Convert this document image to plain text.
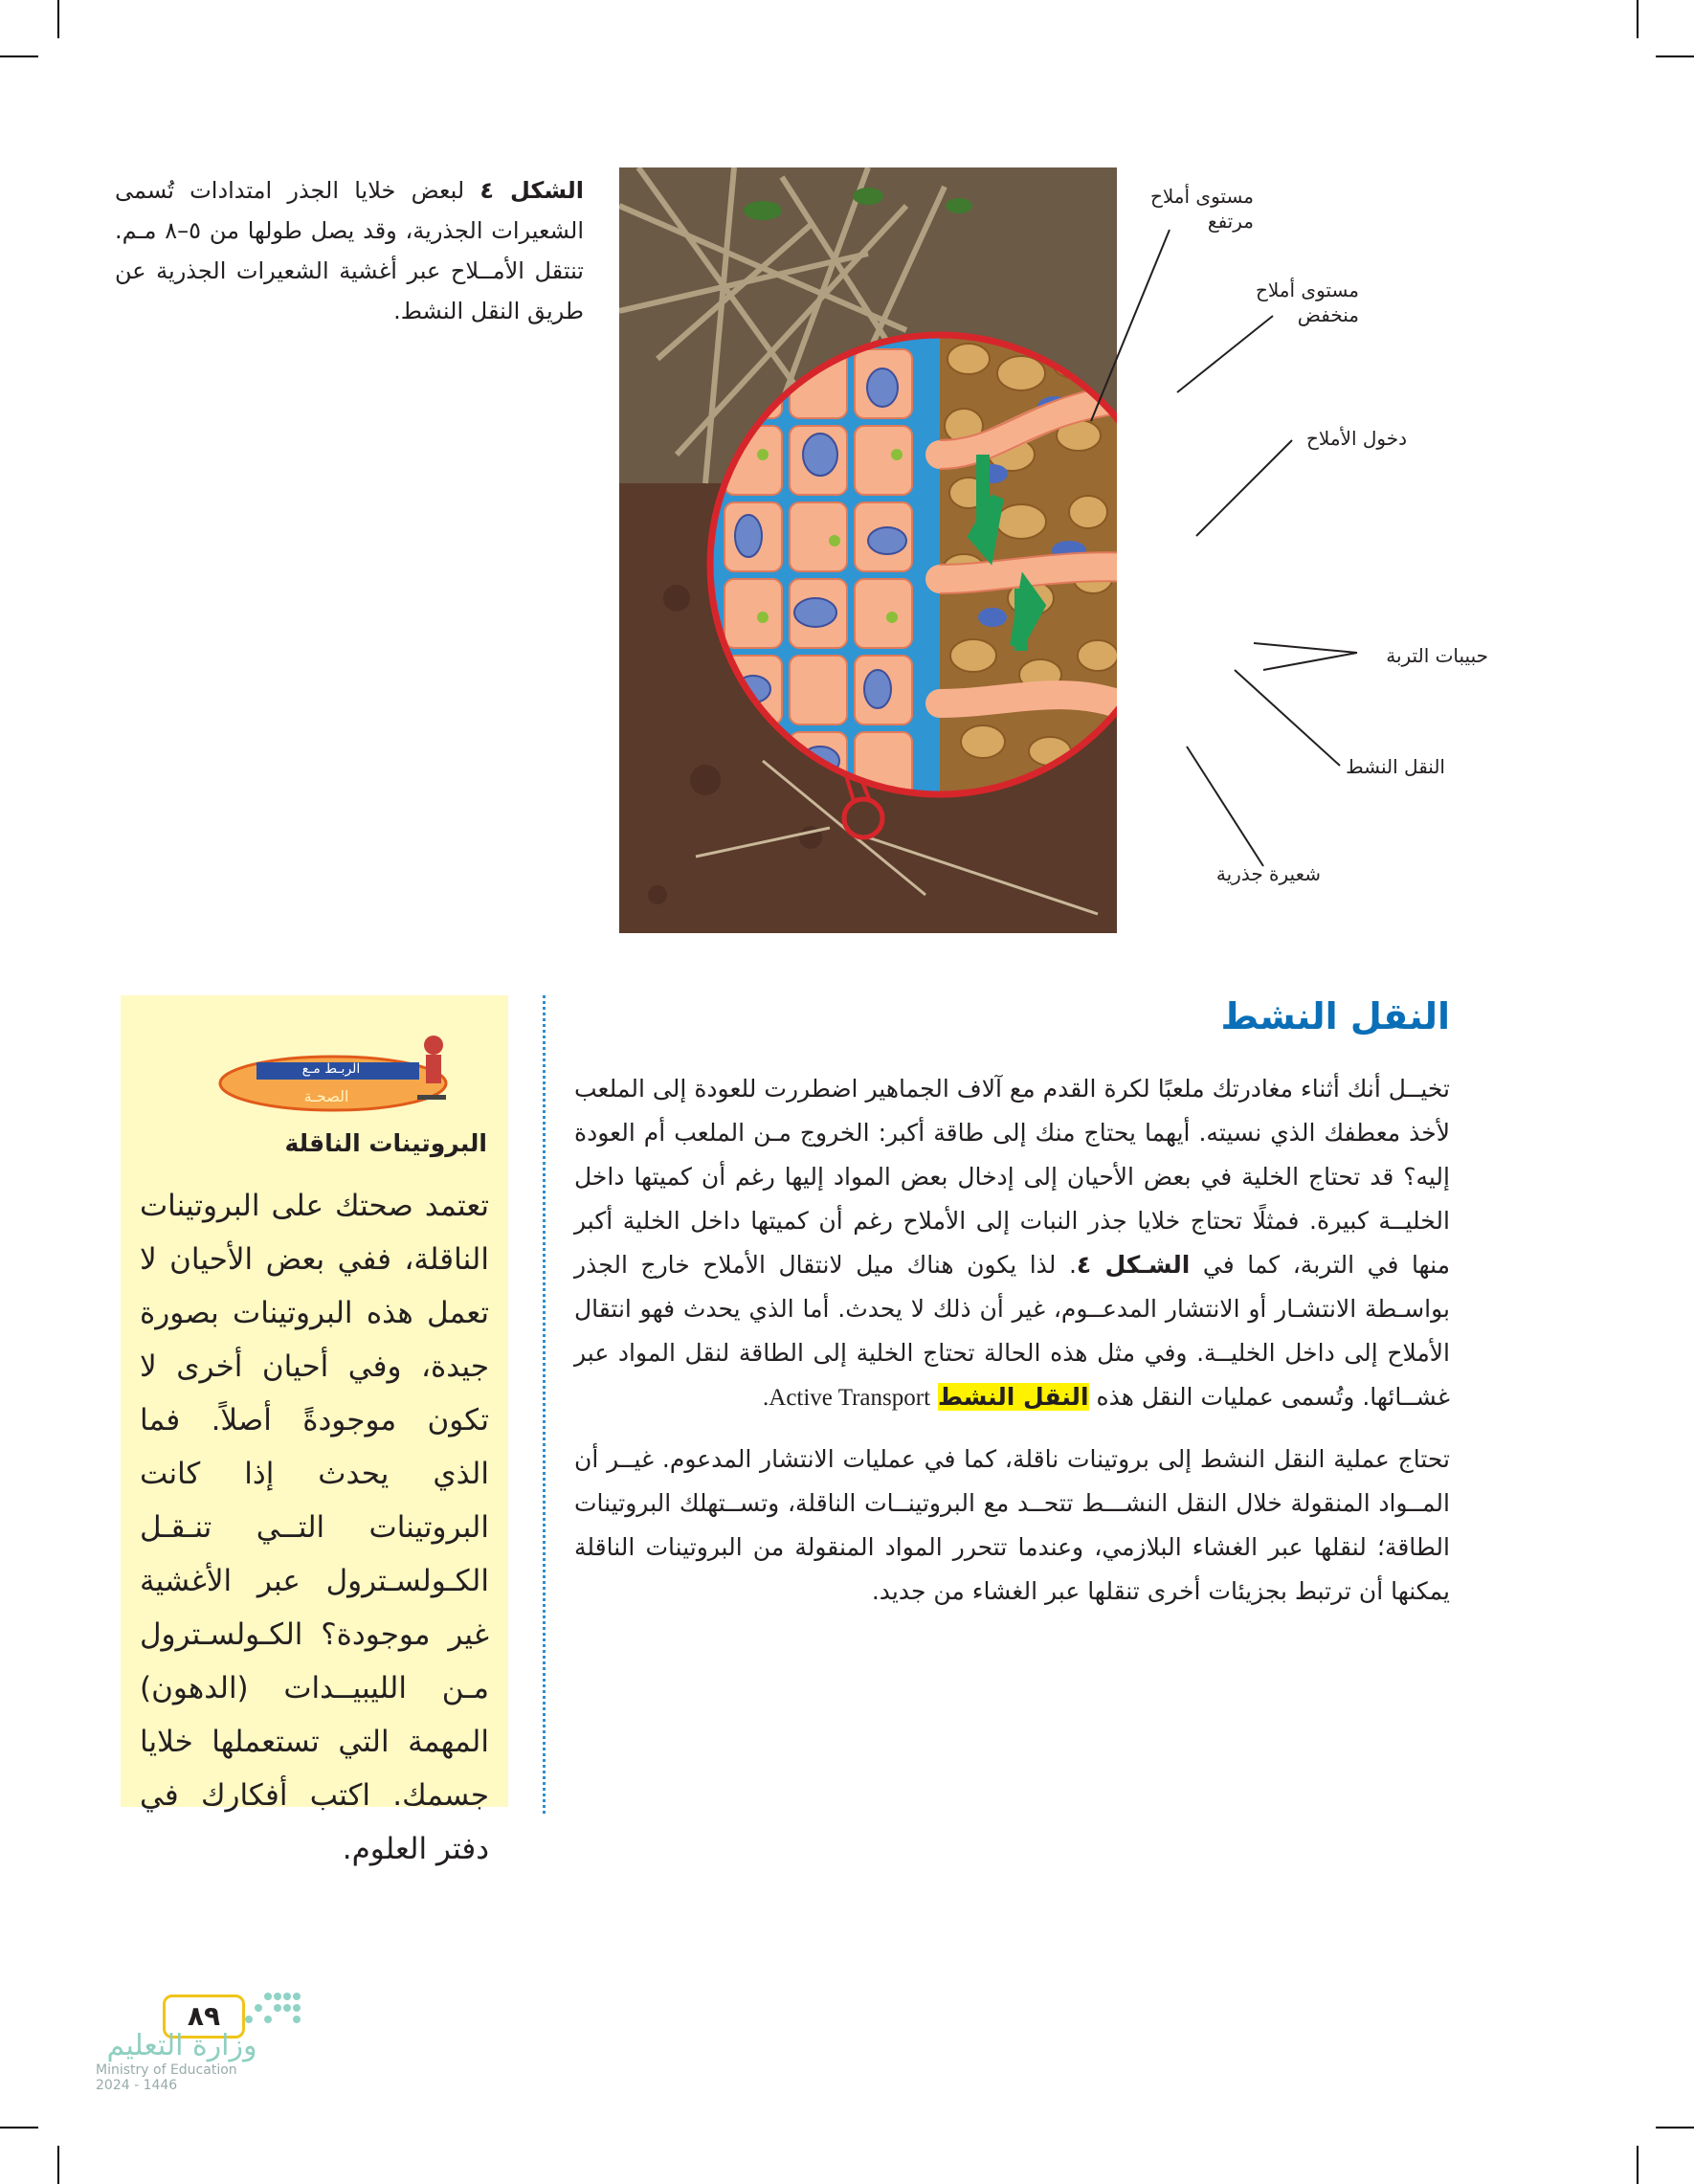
الشكل ٤ لبعض خلايا الجذر امتدادات تُسمى الشعيرات الجذرية، وقد يصل طولها من ٥–٨ مـم. تنتقل الأمــلاح عبر أغشية الشعيرات الجذرية عن طريق النقل النشط.
مستوى أملاح
مرتفع
مستوى أملاح
منخفض
دخول الأملاح
حبيبات التربة
النقل النشط
شعيرة جذرية
النقل النشط
تخيــل أنك أثناء مغادرتك ملعبًا لكرة القدم مع آلاف الجماهير اضطررت للعودة إلى الملعب لأخذ معطفك الذي نسيته. أيهما يحتاج منك إلى طاقة أكبر: الخروج مـن الملعب أم العودة إليه؟ قد تحتاج الخلية في بعض الأحيان إلى إدخال بعض المواد إليها رغم أن كميتها داخل الخليــة كبيرة. فمثلًا تحتاج خلايا جذر النبات إلى الأملاح رغم أن كميتها داخل الخلية أكبر منها في التربة، كما في الشـكل ٤. لذا يكون هناك ميل لانتقال الأملاح خارج الجذر بواسـطة الانتشـار أو الانتشار المدعــوم، غير أن ذلك لا يحدث. أما الذي يحدث فهو انتقال الأملاح إلى داخل الخليــة. وفي مثل هذه الحالة تحتاج الخلية إلى الطاقة لنقل المواد عبر غشــائها. وتُسمى عمليات النقل هذه النقل النشط Active Transport.
تحتاج عملية النقل النشط إلى بروتينات ناقلة، كما في عمليات الانتشار المدعوم. غيــر أن المــواد المنقولة خلال النقل النشـــط تتحــد مع البروتينــات الناقلة، وتســتهلك البروتينات الطاقة؛ لنقلها عبر الغشاء البلازمي، وعندما تتحرر المواد المنقولة من البروتينات الناقلة يمكنها أن ترتبط بجزيئات أخرى تنقلها عبر الغشاء من جديد.
الربـط مـع
الصحـة
البروتينات الناقلة

تعتمد صحتك على البروتينات الناقلة، ففي بعض الأحيان لا تعمل هذه البروتينات بصورة جيدة، وفي أحيان أخرى لا تكون موجودةً أصلاً. فما الذي يحدث إذا كانت البروتينات التــي تنـقـل الكـولسـترول عبر الأغشية غير موجودة؟ الكـولسـترول مـن الليبيــدات (الدهون) المهمة التي تستعملها خلايا جسمك. اكتب أفكارك في دفتر العلوم.

٨٩
وزارة التعليم
Ministry of Education
2024 - 1446
